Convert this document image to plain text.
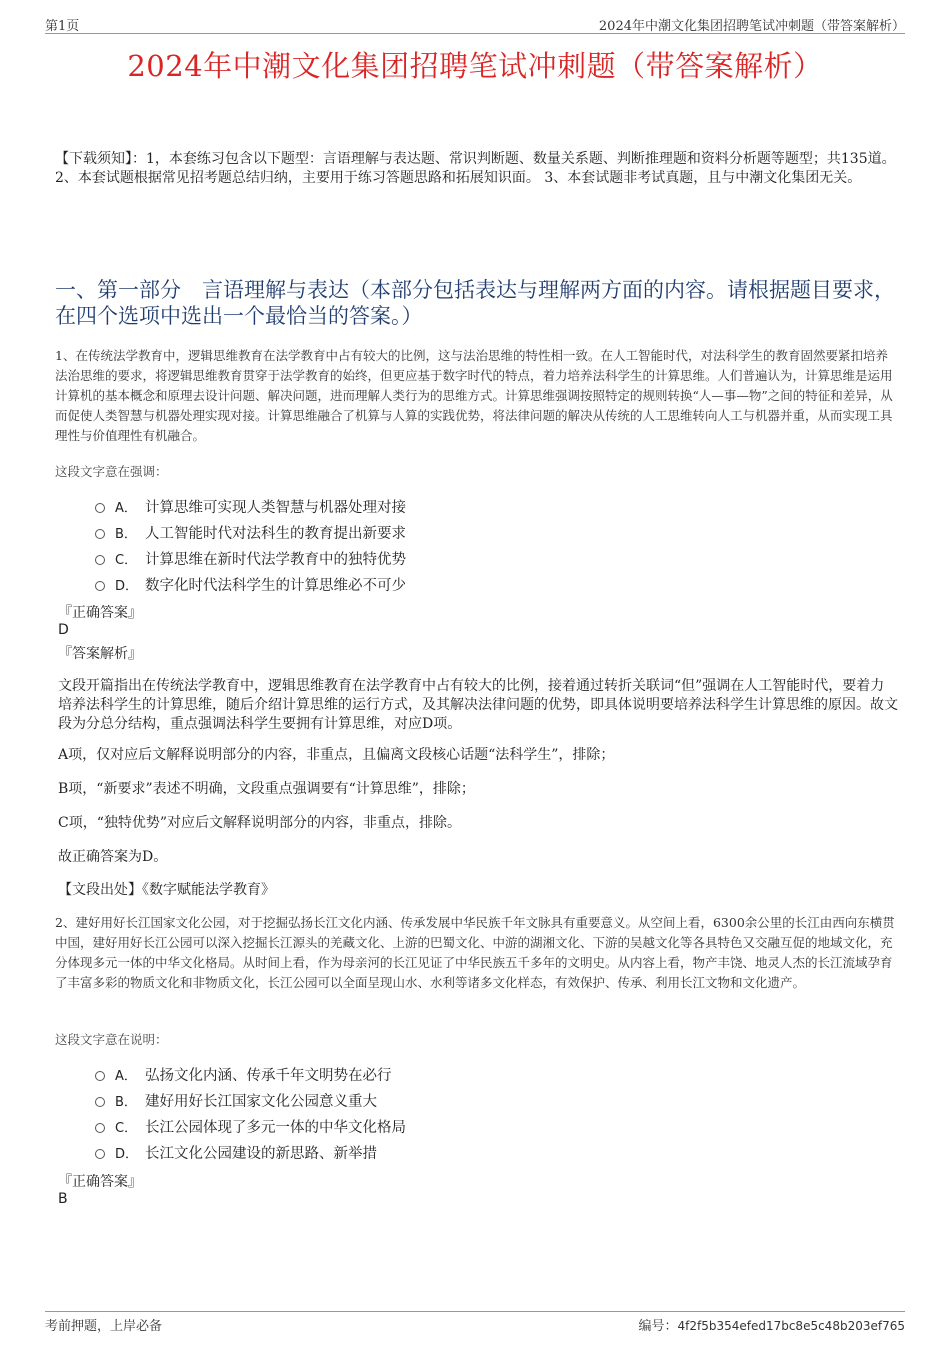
第1页	2024年中潮文化集团招聘笔试冲刺题（带答案解析）
2024年中潮文化集团招聘笔试冲刺题（带答案解析）
【下载须知】：1，本套练习包含以下题型：言语理解与表达题、常识判断题、数量关系题、判断推理题和资料分析题等题型；共135道。 2、本套试题根据常见招考题总结归纳，主要用于练习答题思路和拓展知识面。 3、本套试题非考试真题，且与中潮文化集团无关。
一、第一部分　言语理解与表达（本部分包括表达与理解两方面的内容。请根据题目要求，在四个选项中选出一个最恰当的答案。）
1、在传统法学教育中，逻辑思维教育在法学教育中占有较大的比例，这与法治思维的特性相一致。在人工智能时代，对法科学生的教育固然要紧扣培养法治思维的要求，将逻辑思维教育贯穿于法学教育的始终，但更应基于数字时代的特点，着力培养法科学生的计算思维。人们普遍认为，计算思维是运用计算机的基本概念和原理去设计问题、解决问题，进而理解人类行为的思维方式。计算思维强调按照特定的规则转换“人—事—物”之间的特征和差异，从而促使人类智慧与机器处理实现对接。计算思维融合了机算与人算的实践优势，将法律问题的解决从传统的人工思维转向人工与机器并重，从而实现工具理性与价值理性有机融合。
这段文字意在强调：
A． 计算思维可实现人类智慧与机器处理对接
B． 人工智能时代对法科生的教育提出新要求
C． 计算思维在新时代法学教育中的独特优势
D． 数字化时代法科学生的计算思维必不可少
『正确答案』
D
『答案解析』
文段开篇指出在传统法学教育中，逻辑思维教育在法学教育中占有较大的比例，接着通过转折关联词“但”强调在人工智能时代，要着力培养法科学生的计算思维，随后介绍计算思维的运行方式，及其解决法律问题的优势，即具体说明要培养法科学生计算思维的原因。故文段为分总分结构，重点强调法科学生要拥有计算思维，对应D项。
A项，仅对应后文解释说明部分的内容，非重点，且偏离文段核心话题“法科学生”，排除；
B项，“新要求”表述不明确，文段重点强调要有“计算思维”，排除；
C项，“独特优势”对应后文解释说明部分的内容，非重点，排除。
故正确答案为D。
【文段出处】《数字赋能法学教育》
2、建好用好长江国家文化公园，对于挖掘弘扬长江文化内涵、传承发展中华民族千年文脉具有重要意义。从空间上看，6300余公里的长江由西向东横贯中国，建好用好长江公园可以深入挖掘长江源头的羌藏文化、上游的巴蜀文化、中游的湖湘文化、下游的吴越文化等各具特色又交融互促的地域文化，充分体现多元一体的中华文化格局。从时间上看，作为母亲河的长江见证了中华民族五千多年的文明史。从内容上看，物产丰饶、地灵人杰的长江流域孕育了丰富多彩的物质文化和非物质文化，长江公园可以全面呈现山水、水利等诸多文化样态，有效保护、传承、利用长江文物和文化遗产。
这段文字意在说明：
A． 弘扬文化内涵、传承千年文明势在必行
B． 建好用好长江国家文化公园意义重大
C． 长江公园体现了多元一体的中华文化格局
D． 长江文化公园建设的新思路、新举措
『正确答案』
B
考前押题，上岸必备	编号：4f2f5b354efed17bc8e5c48b203ef765
